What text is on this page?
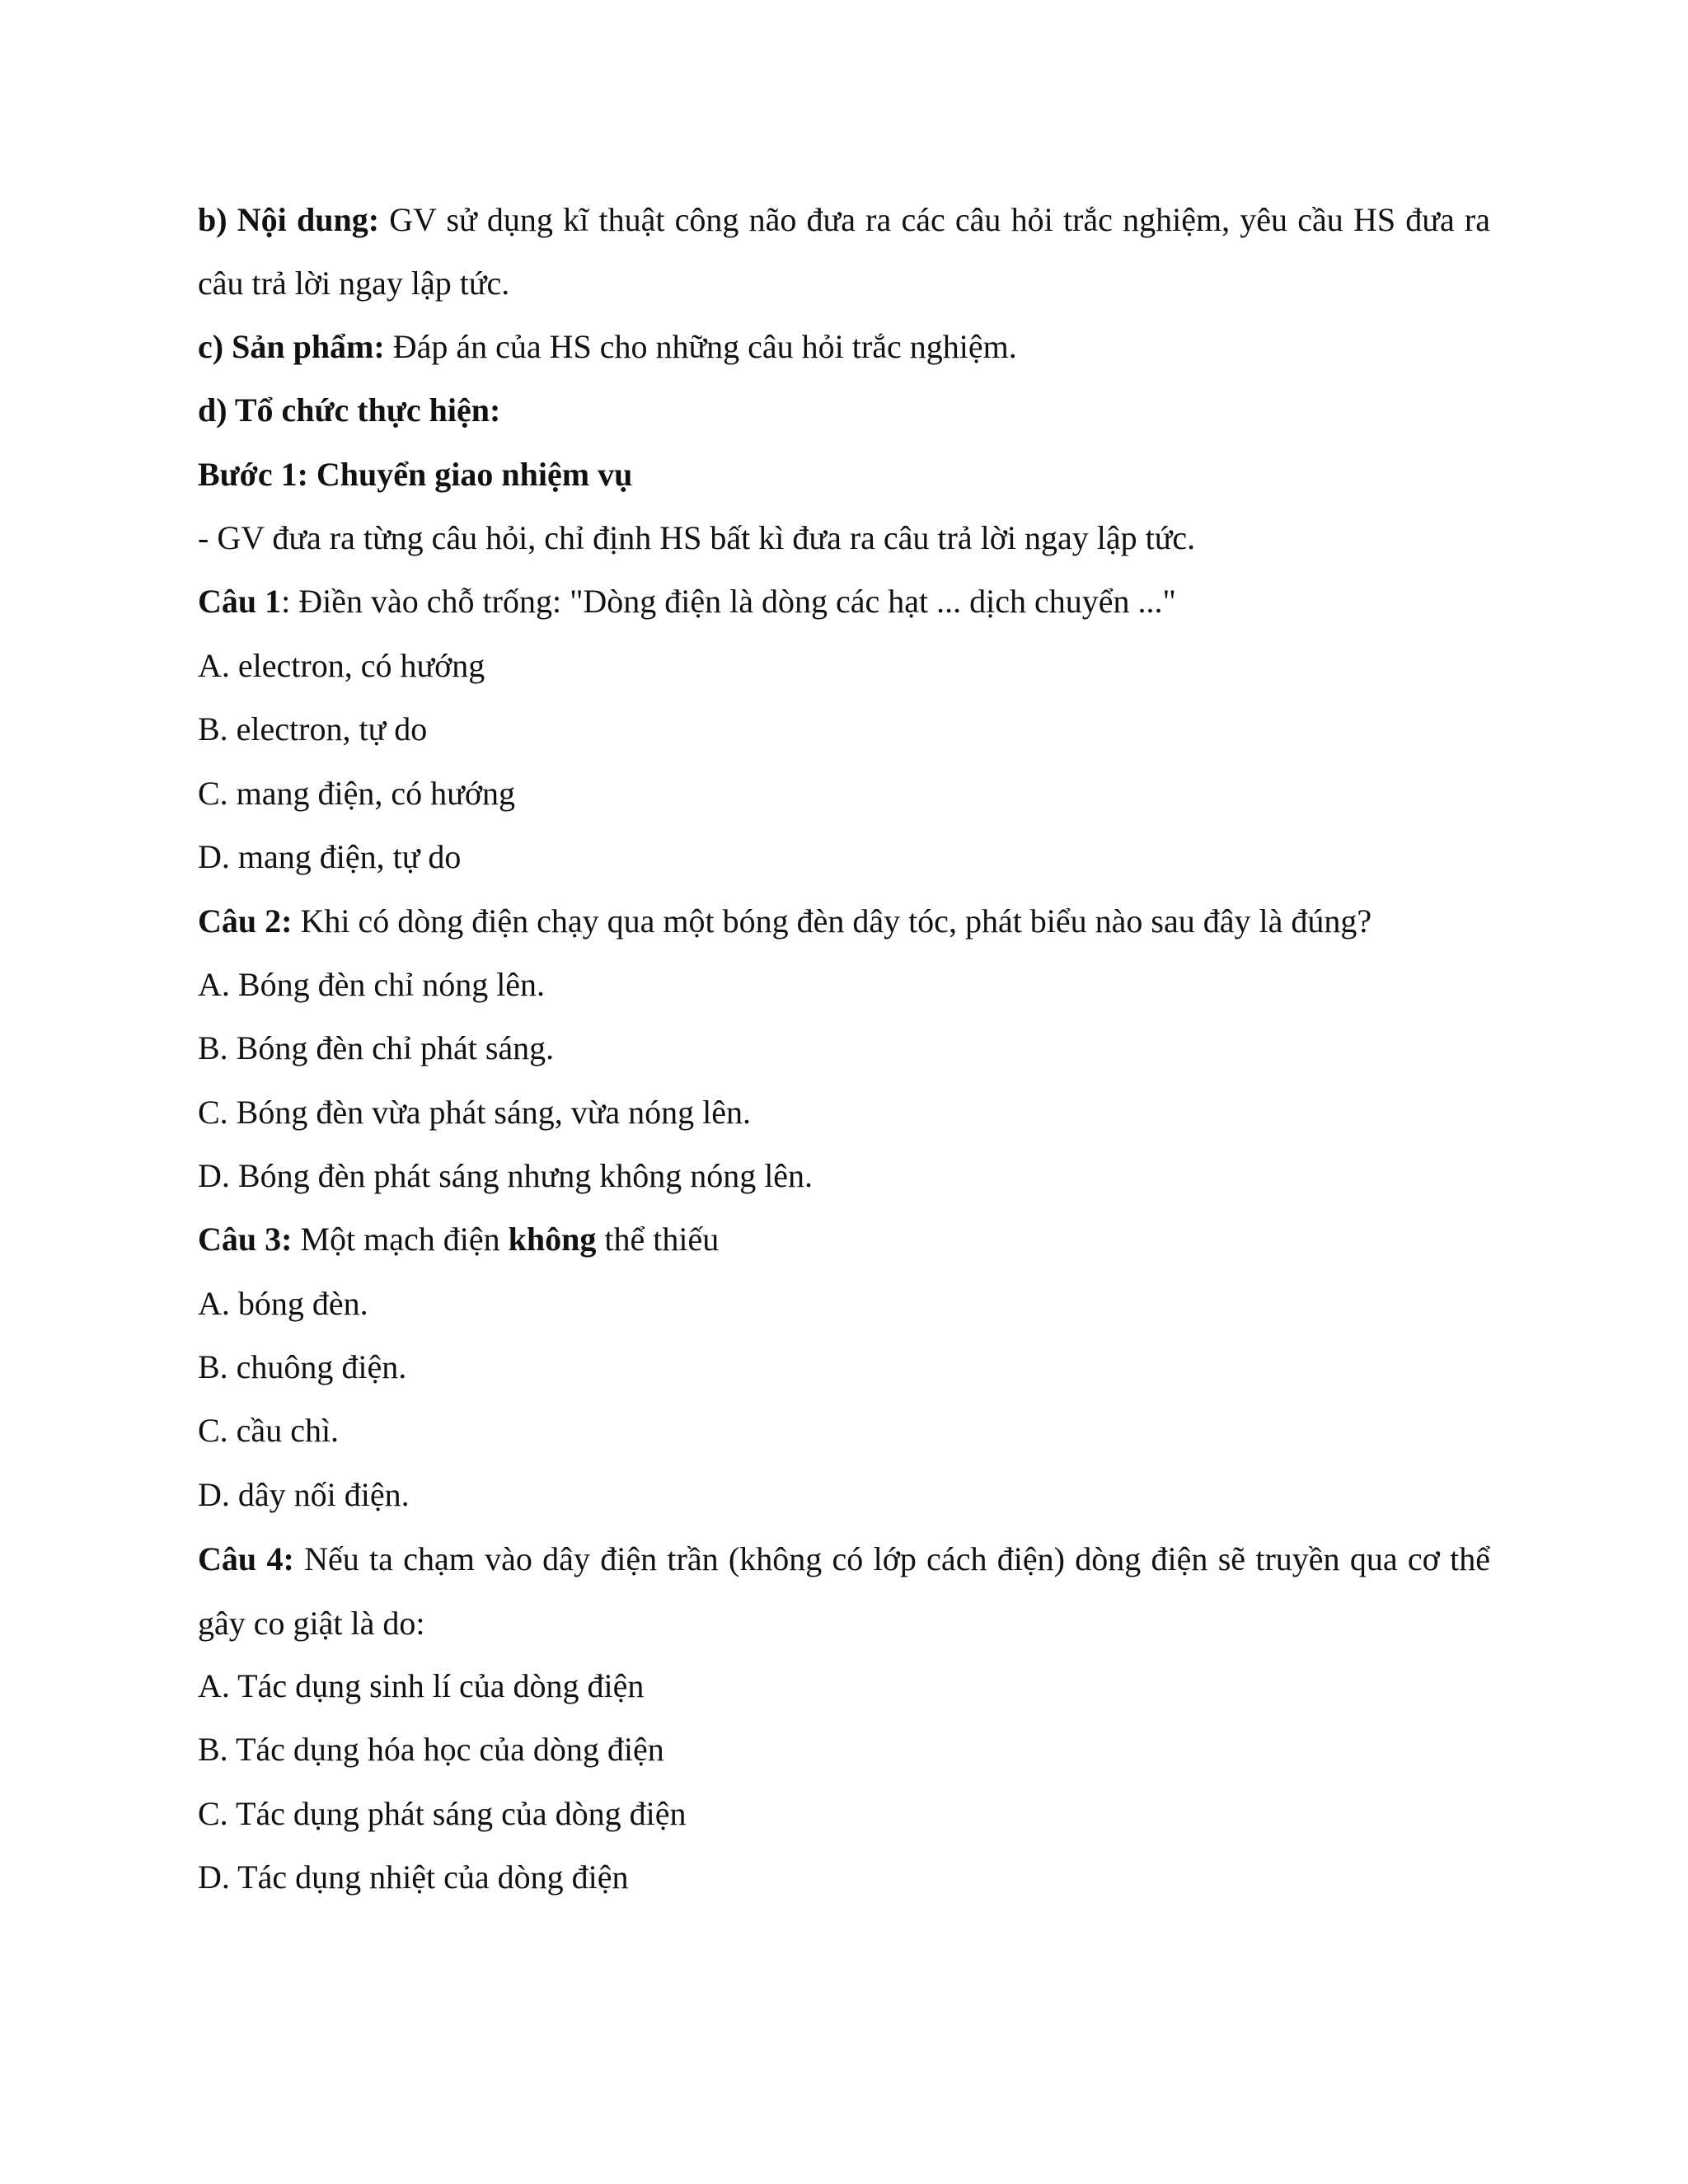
b) Nội dung: GV sử dụng kĩ thuật công não đưa ra các câu hỏi trắc nghiệm, yêu cầu HS đưa ra câu trả lời ngay lập tức.
c) Sản phẩm: Đáp án của HS cho những câu hỏi trắc nghiệm.
d) Tổ chức thực hiện:
Bước 1: Chuyển giao nhiệm vụ
- GV đưa ra từng câu hỏi, chỉ định HS bất kì đưa ra câu trả lời ngay lập tức.
Câu 1: Điền vào chỗ trống: "Dòng điện là dòng các hạt ... dịch chuyển ..."
A. electron, có hướng
B. electron, tự do
C. mang điện, có hướng
D. mang điện, tự do
Câu 2: Khi có dòng điện chạy qua một bóng đèn dây tóc, phát biểu nào sau đây là đúng?
A. Bóng đèn chỉ nóng lên.
B. Bóng đèn chỉ phát sáng.
C. Bóng đèn vừa phát sáng, vừa nóng lên.
D. Bóng đèn phát sáng nhưng không nóng lên.
Câu 3: Một mạch điện không thể thiếu
A. bóng đèn.
B. chuông điện.
C. cầu chì.
D. dây nối điện.
Câu 4: Nếu ta chạm vào dây điện trần (không có lớp cách điện) dòng điện sẽ truyền qua cơ thể gây co giật là do:
A. Tác dụng sinh lí của dòng điện
B. Tác dụng hóa học của dòng điện
C. Tác dụng phát sáng của dòng điện
D. Tác dụng nhiệt của dòng điện
